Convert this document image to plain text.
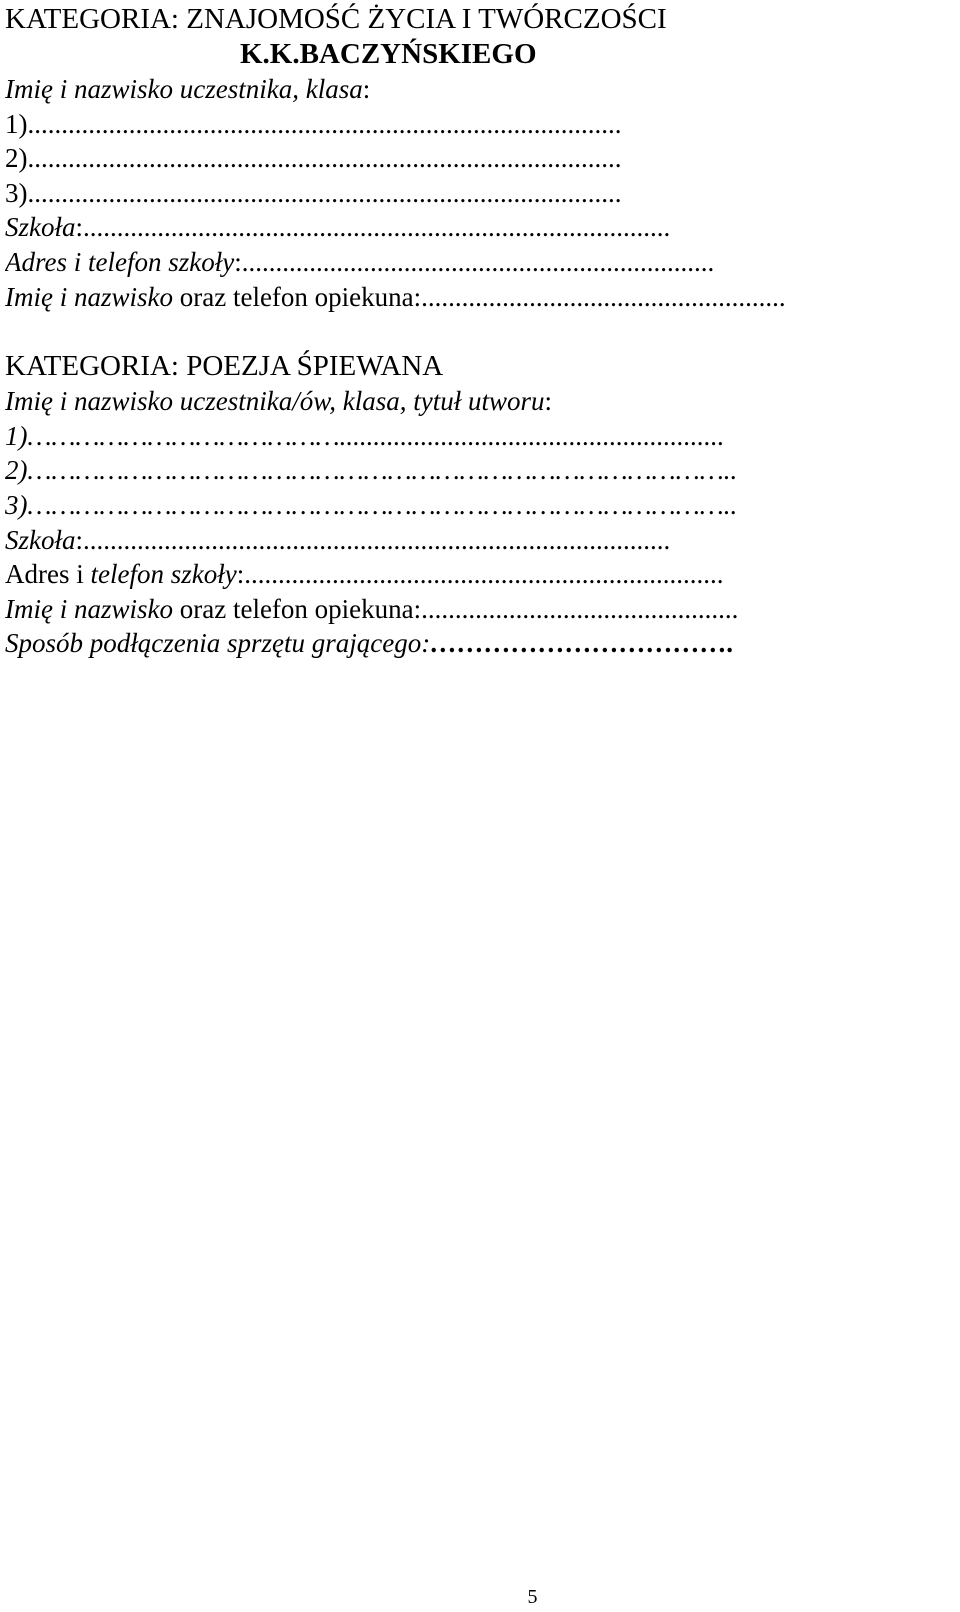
KATEGORIA: ZNAJOMOŚĆ ŻYCIA I TWÓRCZOŚCI

K.K.BACZYŃSKIEGO

Imię i nazwisko uczestnika, klasa:

1)........................................................................................

2)........................................................................................

3)........................................................................................

Szkoła:.......................................................................................

Adres i telefon szkoły:......................................................................

Imię i nazwisko oraz telefon opiekuna:......................................................

KATEGORIA: POEZJA ŚPIEWANA

Imię i nazwisko uczestnika/ów, klasa, tytuł utworu:

1)………………………………….........................................................

2)……………………………………………………………………………..

3)……………………………………………………………………………..

Szkoła:.......................................................................................

Adres i telefon szkoły:.......................................................................

Imię i nazwisko oraz telefon opiekuna:...............................................

Sposób podłączenia sprzętu grającego:…………………………….

5
